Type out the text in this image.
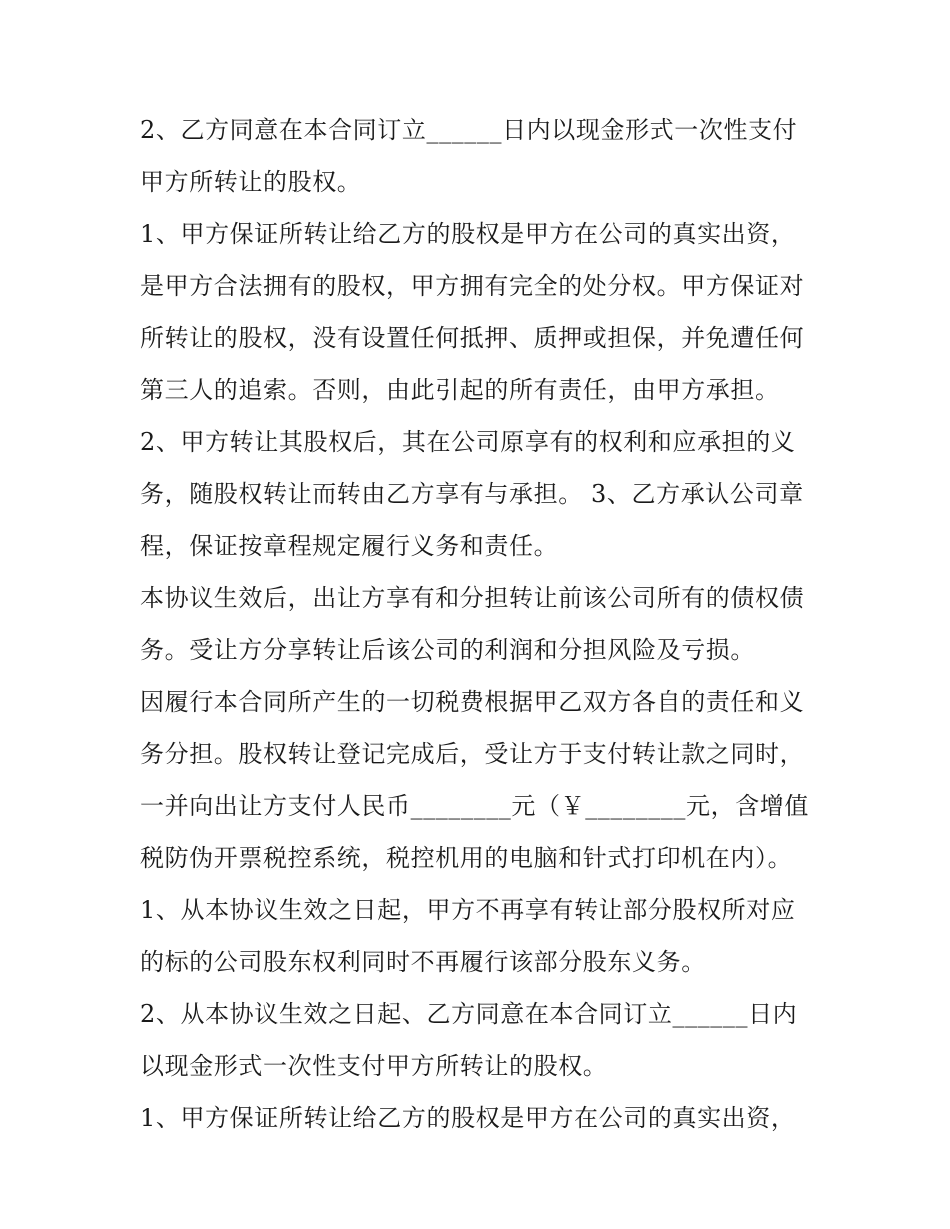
2、乙方同意在本合同订立______日内以现金形式一次性支付
甲方所转让的股权。
1、甲方保证所转让给乙方的股权是甲方在公司的真实出资，
是甲方合法拥有的股权，甲方拥有完全的处分权。甲方保证对
所转让的股权，没有设置任何抵押、质押或担保，并免遭任何
第三人的追索。否则，由此引起的所有责任，由甲方承担。
2、甲方转让其股权后，其在公司原享有的权利和应承担的义
务，随股权转让而转由乙方享有与承担。 3、乙方承认公司章
程，保证按章程规定履行义务和责任。
本协议生效后，出让方享有和分担转让前该公司所有的债权债
务。受让方分享转让后该公司的利润和分担风险及亏损。
因履行本合同所产生的一切税费根据甲乙双方各自的责任和义
务分担。股权转让登记完成后，受让方于支付转让款之同时，
一并向出让方支付人民币________元（￥________元，含增值
税防伪开票税控系统，税控机用的电脑和针式打印机在内）。
1、从本协议生效之日起，甲方不再享有转让部分股权所对应
的标的公司股东权利同时不再履行该部分股东义务。
2、从本协议生效之日起、乙方同意在本合同订立______日内
以现金形式一次性支付甲方所转让的股权。
1、甲方保证所转让给乙方的股权是甲方在公司的真实出资，
